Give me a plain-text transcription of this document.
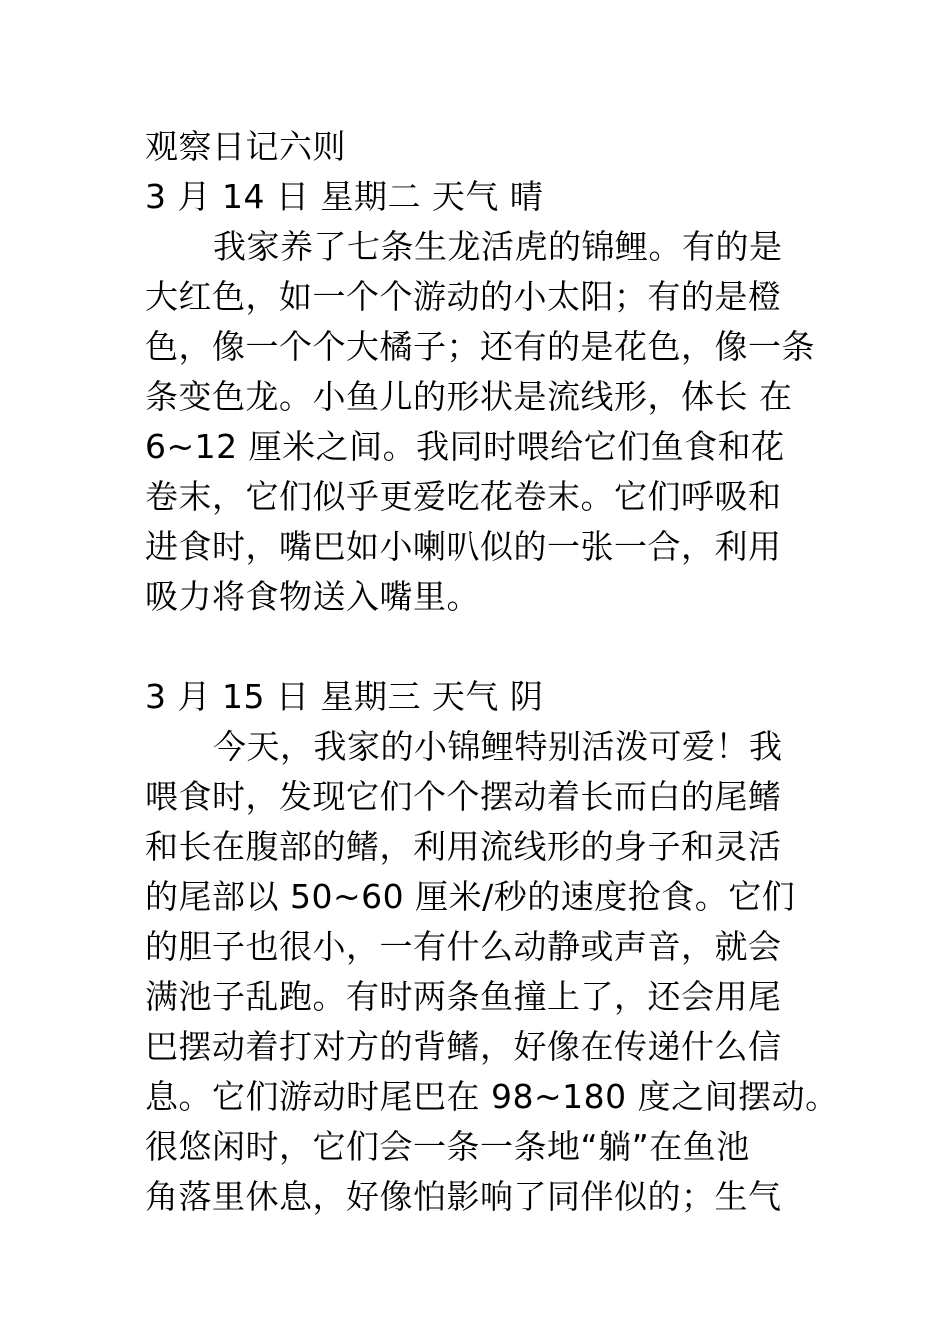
观察日记六则
3 月 14 日 星期二 天气 晴
我家养了七条生龙活虎的锦鲤。有的是
大红色，如一个个游动的小太阳；有的是橙
色，像一个个大橘子；还有的是花色，像一条
条变色龙。小鱼儿的形状是流线形，体长 在
6~12 厘米之间。我同时喂给它们鱼食和花
卷末，它们似乎更爱吃花卷末。它们呼吸和
进食时，嘴巴如小喇叭似的一张一合，利用
吸力将食物送入嘴里。
3 月 15 日 星期三 天气 阴
今天，我家的小锦鲤特别活泼可爱！我
喂食时，发现它们个个摆动着长而白的尾鳍
和长在腹部的鳍，利用流线形的身子和灵活
的尾部以 50~60 厘米/秒的速度抢食。它们
的胆子也很小，一有什么动静或声音，就会
满池子乱跑。有时两条鱼撞上了，还会用尾
巴摆动着打对方的背鳍，好像在传递什么信
息。它们游动时尾巴在 98~180 度之间摆动。
很悠闲时，它们会一条一条地“躺”在鱼池
角落里休息，好像怕影响了同伴似的；生气
